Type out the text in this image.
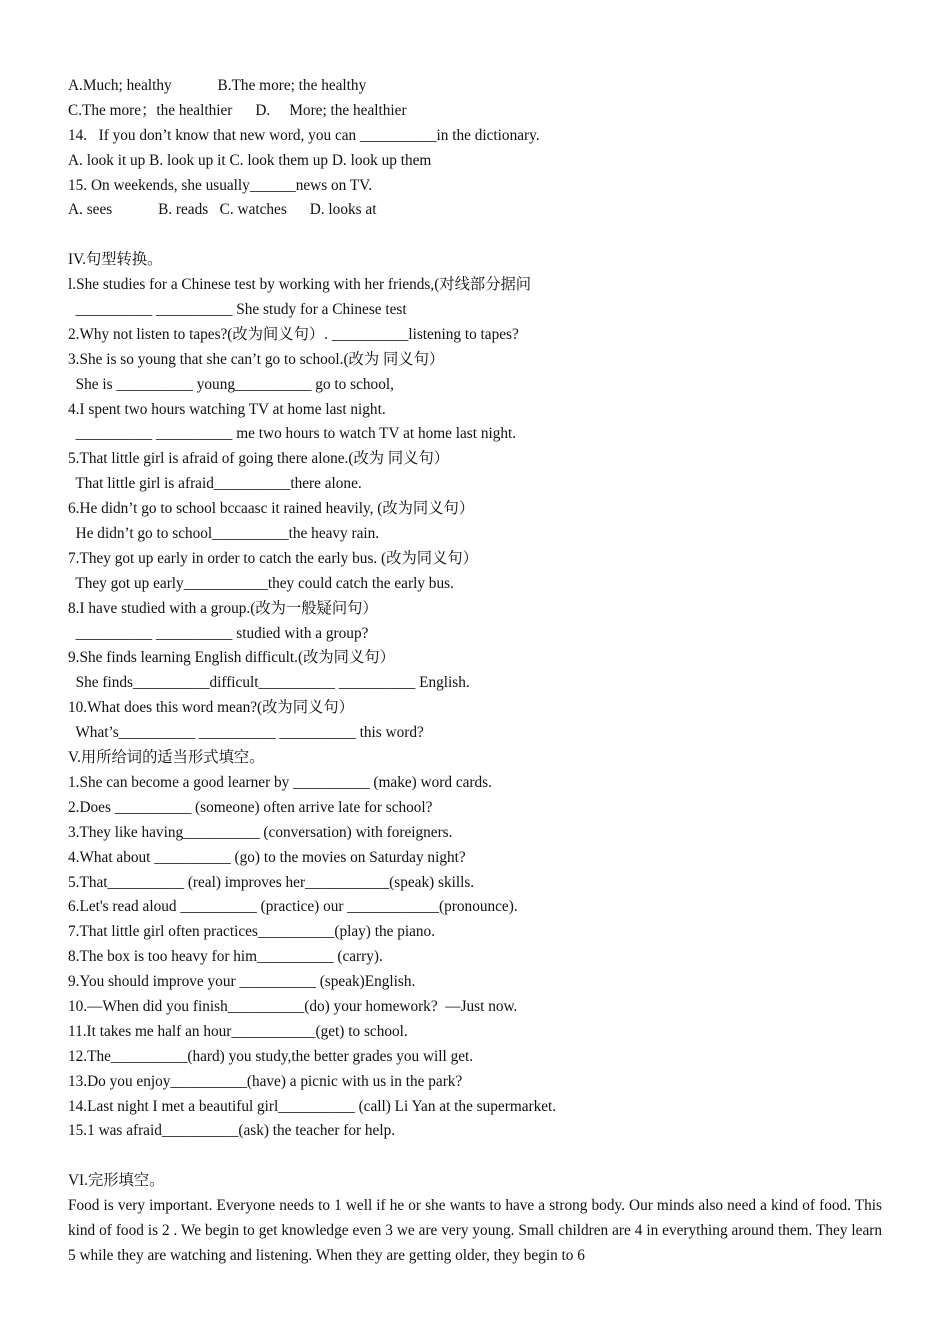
A.Much; healthy            B.The more; the healthy
C.The more；the healthier      D.     More; the healthier
14.   If you don’t know that new word, you can __________in the dictionary.
A. look it up B. look up it C. look them up D. look up them
15. On weekends, she usually______news on TV.
A. sees            B. reads   C. watches      D. looks at
IV.句型转换。
l.She studies for a Chinese test by working with her friends,(对线部分据问
__________ __________ She study for a Chinese test
2.Why not listen to tapes?(改为间义句）. __________listening to tapes?
3.She is so young that she can’t go to school.(改为 同义句）
She is __________ young__________ go to school,
4.I spent two hours watching TV at home last night.
__________ __________ me two hours to watch TV at home last night.
5.That little girl is afraid of going there alone.(改为 同义句）
That little girl is afraid__________there alone.
6.He didn’t go to school bccaasc it rained heavily, (改为同义句）
He didn’t go to school__________the heavy rain.
7.They got up early in order to catch the early bus. (改为同义句）
They got up early___________they could catch the early bus.
8.I have studied with a group.(改为一般疑问句）
__________ __________ studied with a group?
9.She finds learning English difficult.(改为同义句）
She finds__________difficult__________ __________ English.
10.What does this word mean?(改为同义句）
What’s__________ __________ __________ this word?
V.用所给词的适当形式填空。
1.She can become a good learner by __________ (make) word cards.
2.Does __________ (someone) often arrive late for school?
3.They like having__________ (conversation) with foreigners.
4.What about __________ (go) to the movies on Saturday night?
5.That__________ (real) improves her___________(speak) skills.
6.Let's read aloud __________ (practice) our ____________(pronounce).
7.That little girl often practices__________(play) the piano.
8.The box is too heavy for him__________ (carry).
9.You should improve your __________ (speak)English.
10.—When did you finish__________(do) your homework?  —Just now.
11.It takes me half an hour___________(get) to school.
12.The__________(hard) you study,the better grades you will get.
13.Do you enjoy__________(have) a picnic with us in the park?
14.Last night I met a beautiful girl__________ (call) Li Yan at the supermarket.
15.1 was afraid__________(ask) the teacher for help.
VI.完形填空。
Food is very important. Everyone needs to 1 well if he or she wants to have a strong body. Our minds also need a kind of food. This kind of food is 2 . We begin to get knowledge even 3 we are very young. Small children are 4 in everything around them. They learn 5 while they are watching and listening. When they are getting older, they begin to 6
